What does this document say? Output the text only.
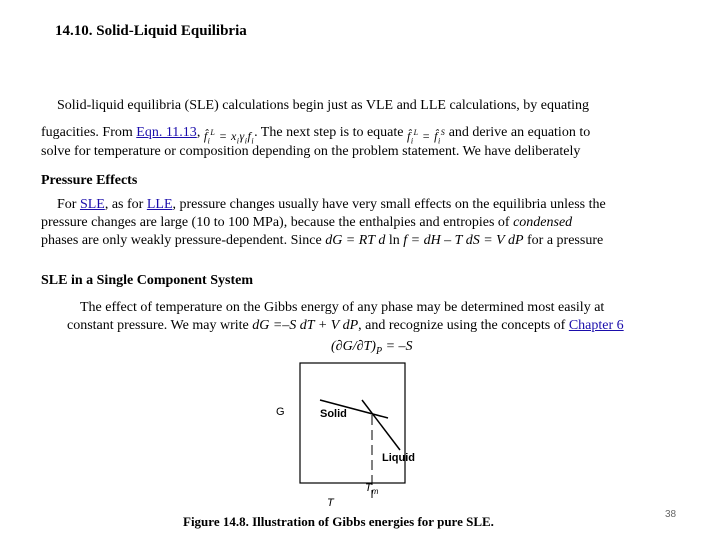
14.10. Solid-Liquid Equilibria
Solid-liquid equilibria (SLE) calculations begin just as VLE and LLE calculations, by equating
fugacities. From Eqn. 11.13, $f̂_i^L = x_i\gamma_if_i$. The next step is to equate $f̂_i^L$ = $f̂_i^S$ and derive an equation to
solve for temperature or composition depending on the problem statement. We have deliberately
Pressure Effects
For SLE, as for LLE, pressure changes usually have very small effects on the equilibria unless the
pressure changes are large (10 to 100 MPa), because the enthalpies and entropies of condensed
phases are only weakly pressure-dependent. Since dG = RT d ln f = dH – T dS = V dP for a pressure
SLE in a Single Component System
The effect of temperature on the Gibbs energy of any phase may be determined most easily at
constant pressure. We may write dG =–S dT + V dP, and recognize using the concepts of Chapter 6
$(\partial G/\partial T)_P = -S$
G	Solid
Liquid
$T_m$
T
Figure 14.8. Illustration of Gibbs energies for pure SLE.	38
